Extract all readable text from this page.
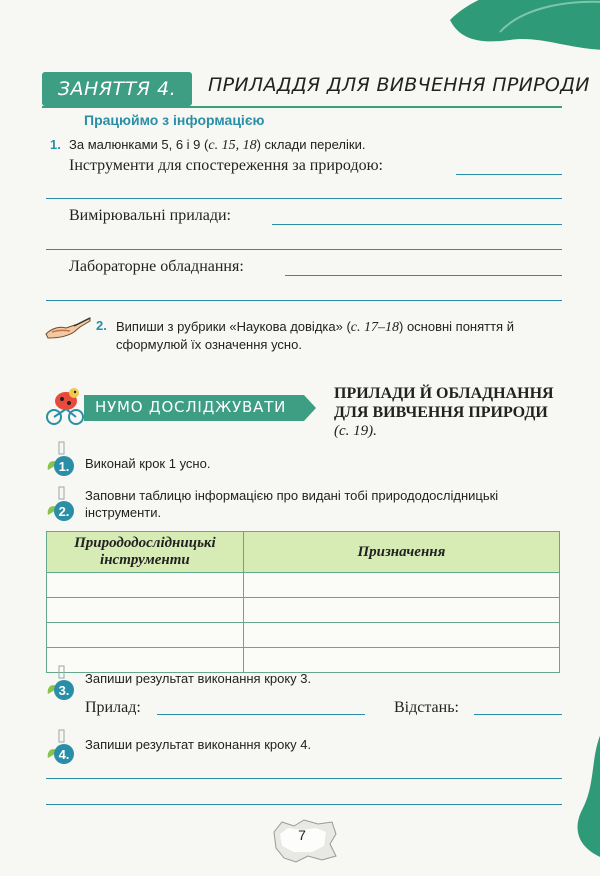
ЗАНЯТТЯ 4.	ПРИЛАДДЯ ДЛЯ ВИВЧЕННЯ ПРИРОДИ
Працюймо з інформацією
1. За малюнками 5, 6 і 9 (с. 15, 18) склади переліки.
Інструменти для спостереження за природою:
Вимірювальні прилади:
Лабораторне обладнання:
2. Випиши з рубрики «Наукова довідка» (с. 17–18) основні поняття й сформулюй їх означення усно.
НУМО ДОСЛІДЖУВАТИ
ПРИЛАДИ Й ОБЛАДНАННЯ
ДЛЯ ВИВЧЕННЯ ПРИРОДИ
(с. 19).
1. Виконай крок 1 усно.
2.
Заповни таблицю інформацією про видані тобі природодослідницькі інструменти.
Природодослідницькі інструменти	Призначення

3.
Запиши результат виконання кроку 3.
Прилад:	Відстань:
4.
Запиши результат виконання кроку 4.
7
